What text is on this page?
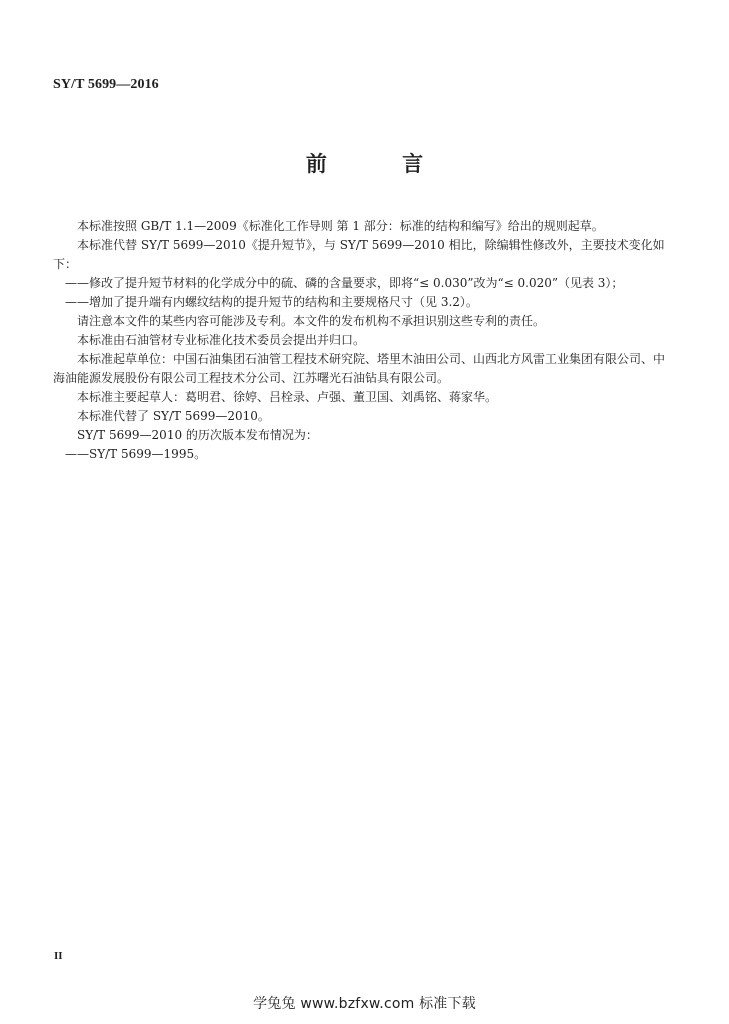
SY/T 5699—2016
前 言

本标准按照 GB/T 1.1—2009《标准化工作导则 第 1 部分：标准的结构和编写》给出的规则起草。

本标准代替 SY/T 5699—2010《提升短节》，与 SY/T 5699—2010 相比，除编辑性修改外，主要技术变化如下：

——修改了提升短节材料的化学成分中的硫、磷的含量要求，即将“≤ 0.030”改为“≤ 0.020”（见表 3）；

——增加了提升端有内螺纹结构的提升短节的结构和主要规格尺寸（见 3.2）。

请注意本文件的某些内容可能涉及专利。本文件的发布机构不承担识别这些专利的责任。

本标准由石油管材专业标准化技术委员会提出并归口。

本标准起草单位：中国石油集团石油管工程技术研究院、塔里木油田公司、山西北方风雷工业集团有限公司、中海油能源发展股份有限公司工程技术分公司、江苏曙光石油钻具有限公司。

本标准主要起草人：葛明君、徐婷、吕栓录、卢强、董卫国、刘禹铭、蒋家华。

本标准代替了 SY/T 5699—2010。

SY/T 5699—2010 的历次版本发布情况为：

——SY/T 5699—1995。

II
学兔兔 www.bzfxw.com 标准下载
